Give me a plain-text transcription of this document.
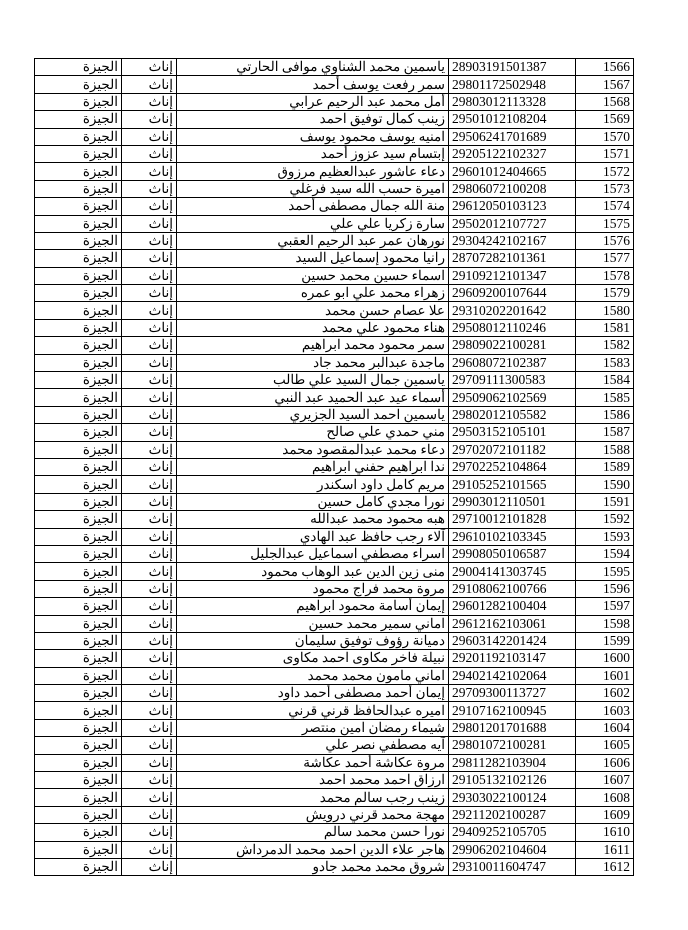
الجيزة	إناث	ياسمين محمد الشناوي موافى الحارتي	28903191501387	1566
الجيزة	إناث	سمر رفعت يوسف أحمد	29801172502948	1567
الجيزة	إناث	أمل محمد عبد الرحيم عرابي	29803012113328	1568
الجيزة	إناث	زينب كمال توفيق احمد	29501012108204	1569
الجيزة	إناث	امنيه يوسف محمود يوسف	29506241701689	1570
الجيزة	إناث	إبتسام سيد عزوز أحمد	29205122102327	1571
الجيزة	إناث	دعاء عاشور عبدالعظيم مرزوق	29601012404665	1572
الجيزة	إناث	اميرة حسب الله سيد فرغلي	29806072100208	1573
الجيزة	إناث	منة الله جمال مصطفى أحمد	29612050103123	1574
الجيزة	إناث	سارة زكريا علي علي	29502012107727	1575
الجيزة	إناث	نورهان عمر عبد الرحيم العقبي	29304242102167	1576
الجيزة	إناث	رانيا محمود إسماعيل السيد	28707282101361	1577
الجيزة	إناث	اسماء حسين محمد حسين	29109212101347	1578
الجيزة	إناث	زهراء محمد علي ابو عمره	29609200107644	1579
الجيزة	إناث	علا عصام حسن محمد	29310202201642	1580
الجيزة	إناث	هناء محمود علي محمد	29508012110246	1581
الجيزة	إناث	سمر محمود محمد ابراهيم	29809022100281	1582
الجيزة	إناث	ماجدة عبدالبر محمد جاد	29608072102387	1583
الجيزة	إناث	ياسمين جمال السيد علي طالب	29709111300583	1584
الجيزة	إناث	أسماء عيد عبد الحميد عبد النبي	29509062102569	1585
الجيزة	إناث	ياسمين احمد السيد الجزيري	29802012105582	1586
الجيزة	إناث	مني حمدي علي صالح	29503152105101	1587
الجيزة	إناث	دعاء محمد عبدالمقصود محمد	29702072101182	1588
الجيزة	إناث	ندا ابراهيم حفني ابراهيم	29702252104864	1589
الجيزة	إناث	مريم كامل داود اسكندر	29105252101565	1590
الجيزة	إناث	نورا مجدي كامل حسين	29903012110501	1591
الجيزة	إناث	هبه محمود محمد عبدالله	29710012101828	1592
الجيزة	إناث	آلاء رجب حافظ عبد الهادي	29610102103345	1593
الجيزة	إناث	اسراء مصطفي اسماعيل عبدالجليل	29908050106587	1594
الجيزة	إناث	منى زين الدين عبد الوهاب محمود	29004141303745	1595
الجيزة	إناث	مروة محمد فراج محمود	29108062100766	1596
الجيزة	إناث	إيمان أسامة محمود ابراهيم	29601282100404	1597
الجيزة	إناث	اماني سمير محمد حسين	29612162103061	1598
الجيزة	إناث	دميانة رؤوف توفيق سليمان	29603142201424	1599
الجيزة	إناث	نبيلة فاخر مكاوى احمد مكاوى	29201192103147	1600
الجيزة	إناث	اماني مامون محمد محمد	29402142102064	1601
الجيزة	إناث	إيمان أحمد مصطفى أحمد داود	29709300113727	1602
الجيزة	إناث	اميره عبدالحافظ قرني قرني	29107162100945	1603
الجيزة	إناث	شيماء رمضان امين منتصر	29801201701688	1604
الجيزة	إناث	آيه مصطفي نصر علي	29801072100281	1605
الجيزة	إناث	مروة عكاشة أحمد عكاشة	29811282103904	1606
الجيزة	إناث	ارزاق احمد محمد احمد	29105132102126	1607
الجيزة	إناث	زينب رجب سالم محمد	29303022100124	1608
الجيزة	إناث	مهجة محمد قرني درويش	29211202100287	1609
الجيزة	إناث	نورا حسن محمد سالم	29409252105705	1610
الجيزة	إناث	هاجر علاء الدين احمد محمد الدمرداش	29906202104604	1611
الجيزة	إناث	شروق محمد محمد جادو	29310011604747	1612
